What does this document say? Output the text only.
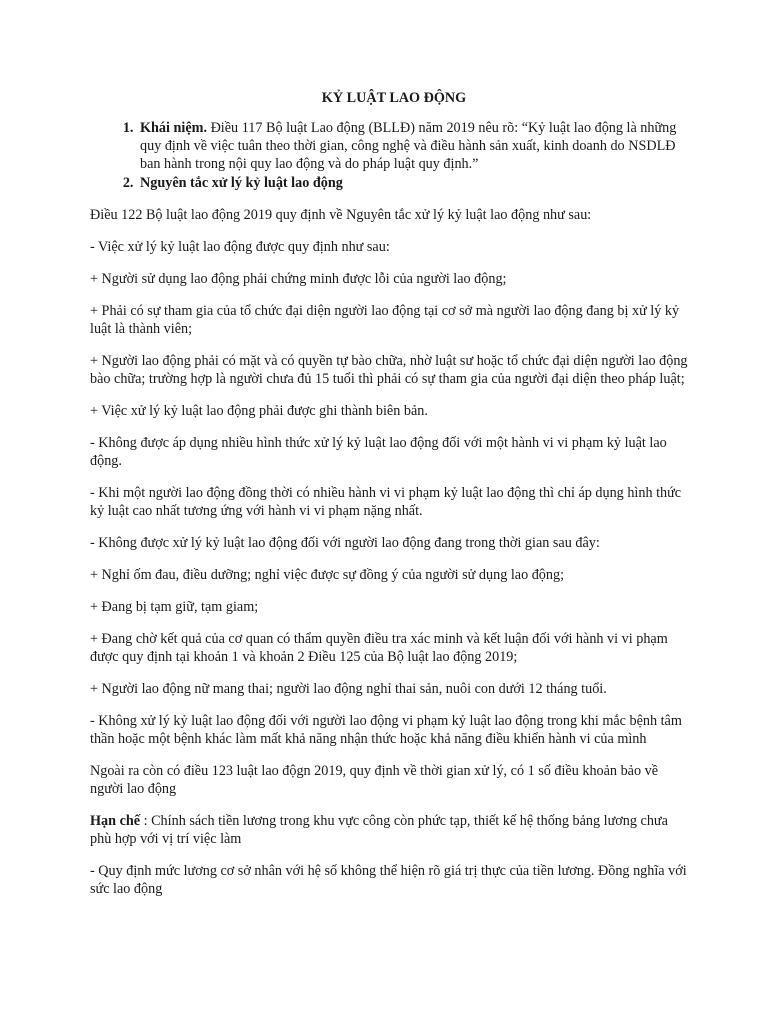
KỶ LUẬT LAO ĐỘNG
1. Khái niệm. Điều 117 Bộ luật Lao động (BLLĐ) năm 2019 nêu rõ: “Kỷ luật lao động là những quy định về việc tuân theo thời gian, công nghệ và điều hành sản xuất, kinh doanh do NSDLĐ ban hành trong nội quy lao động và do pháp luật quy định.”
2. Nguyên tắc xử lý kỷ luật lao động

Điều 122 Bộ luật lao động 2019 quy định về Nguyên tắc xử lý kỷ luật lao động như sau:

- Việc xử lý kỷ luật lao động được quy định như sau:

+ Người sử dụng lao động phải chứng minh được lỗi của người lao động;

+ Phải có sự tham gia của tổ chức đại diện người lao động tại cơ sở mà người lao động đang bị xử lý kỷ luật là thành viên;

+ Người lao động phải có mặt và có quyền tự bào chữa, nhờ luật sư hoặc tổ chức đại diện người lao động bào chữa; trường hợp là người chưa đủ 15 tuổi thì phải có sự tham gia của người đại diện theo pháp luật;

+ Việc xử lý kỷ luật lao động phải được ghi thành biên bản.

- Không được áp dụng nhiều hình thức xử lý kỷ luật lao động đối với một hành vi vi phạm kỷ luật lao động.

- Khi một người lao động đồng thời có nhiều hành vi vi phạm kỷ luật lao động thì chỉ áp dụng hình thức kỷ luật cao nhất tương ứng với hành vi vi phạm nặng nhất.

- Không được xử lý kỷ luật lao động đối với người lao động đang trong thời gian sau đây:

+ Nghỉ ốm đau, điều dưỡng; nghỉ việc được sự đồng ý của người sử dụng lao động;

+ Đang bị tạm giữ, tạm giam;

+ Đang chờ kết quả của cơ quan có thẩm quyền điều tra xác minh và kết luận đối với hành vi vi phạm được quy định tại khoản 1 và khoản 2 Điều 125 của Bộ luật lao động 2019;

+ Người lao động nữ mang thai; người lao động nghỉ thai sản, nuôi con dưới 12 tháng tuổi.

- Không xử lý kỷ luật lao động đối với người lao động vi phạm kỷ luật lao động trong khi mắc bệnh tâm thần hoặc một bệnh khác làm mất khả năng nhận thức hoặc khả năng điều khiển hành vi của mình

Ngoài ra còn có điều 123 luật lao độgn 2019, quy định về thời gian xử lý, có 1 số điều khoản bảo về người lao động

Hạn chế : Chính sách tiền lương trong khu vực công còn phức tạp, thiết kế hệ thống bảng lương chưa phù hợp với vị trí việc làm

- Quy định mức lương cơ sở nhân với hệ số không thể hiện rõ giá trị thực của tiền lương. Đồng nghĩa với sức lao động
